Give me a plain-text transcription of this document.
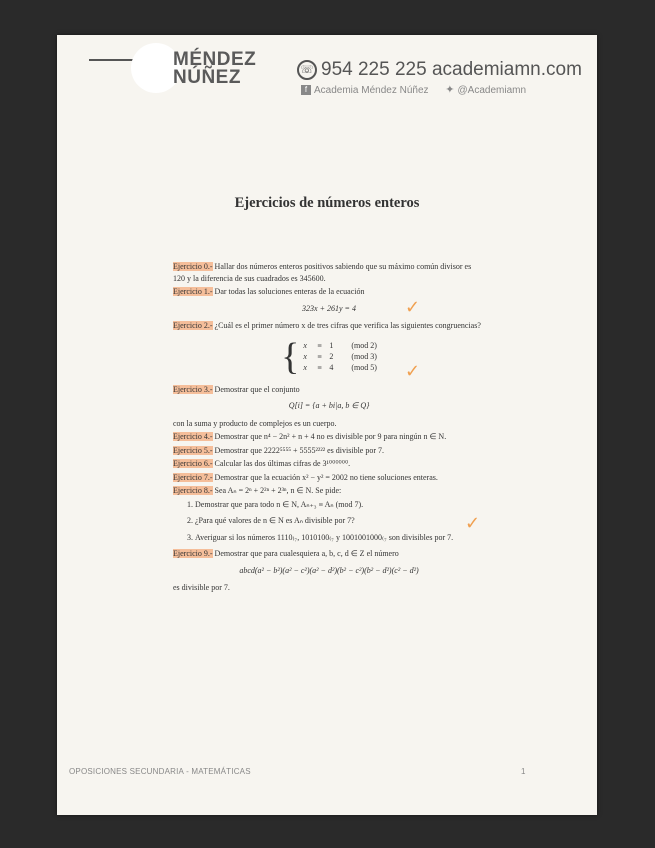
MÉNDEZ
NÚÑEZ	☏ 954 225 225 academiamn.com
f Academia Méndez Núñez ✦ @Academiamn
Ejercicios de números enteros

Ejercicio 0.- Hallar dos números enteros positivos sabiendo que su máximo común divisor es 120 y la diferencia de sus cuadrados es 345600.

Ejercicio 1.- Dar todas las soluciones enteras de la ecuación

323x + 261y = 4

Ejercicio 2.- ¿Cuál es el primer número x de tres cifras que verifica las siguientes congruencias?

{ x ≡ 1 (mod 2)
x ≡ 2 (mod 3)
x ≡ 4 (mod 5)

Ejercicio 3.- Demostrar que el conjunto

Q[i] = {a + bi|a, b ∈ Q}

con la suma y producto de complejos es un cuerpo.

Ejercicio 4.- Demostrar que n⁴ − 2n² + n + 4 no es divisible por 9 para ningún n ∈ N.

Ejercicio 5.- Demostrar que 2222⁵⁵⁵⁵ + 5555²²²² es divisible por 7.

Ejercicio 6.- Calcular las dos últimas cifras de 3¹⁰⁰⁰⁰⁰⁰.

Ejercicio 7.- Demostrar que la ecuación x² − y² = 2002 no tiene soluciones enteras.

Ejercicio 8.- Sea Aₙ = 2ⁿ + 2²ⁿ + 2³ⁿ, n ∈ N. Se pide:

1. Demostrar que para todo n ∈ N, Aₙ₊₃ ≡ Aₙ (mod 7).
2. ¿Para qué valores de n ∈ N es Aₙ divisible por 7?
3. Averiguar si los números 1110₍₇, 1010100₍₇ y 1001001000₍₇ son divisibles por 7.

Ejercicio 9.- Demostrar que para cualesquiera a, b, c, d ∈ Z el número

abcd(a² − b²)(a² − c²)(a² − d²)(b² − c²)(b² − d²)(c² − d²)

es divisible por 7.

✓
✓
✓
OPOSICIONES SECUNDARIA - MATEMÁTICAS	1
